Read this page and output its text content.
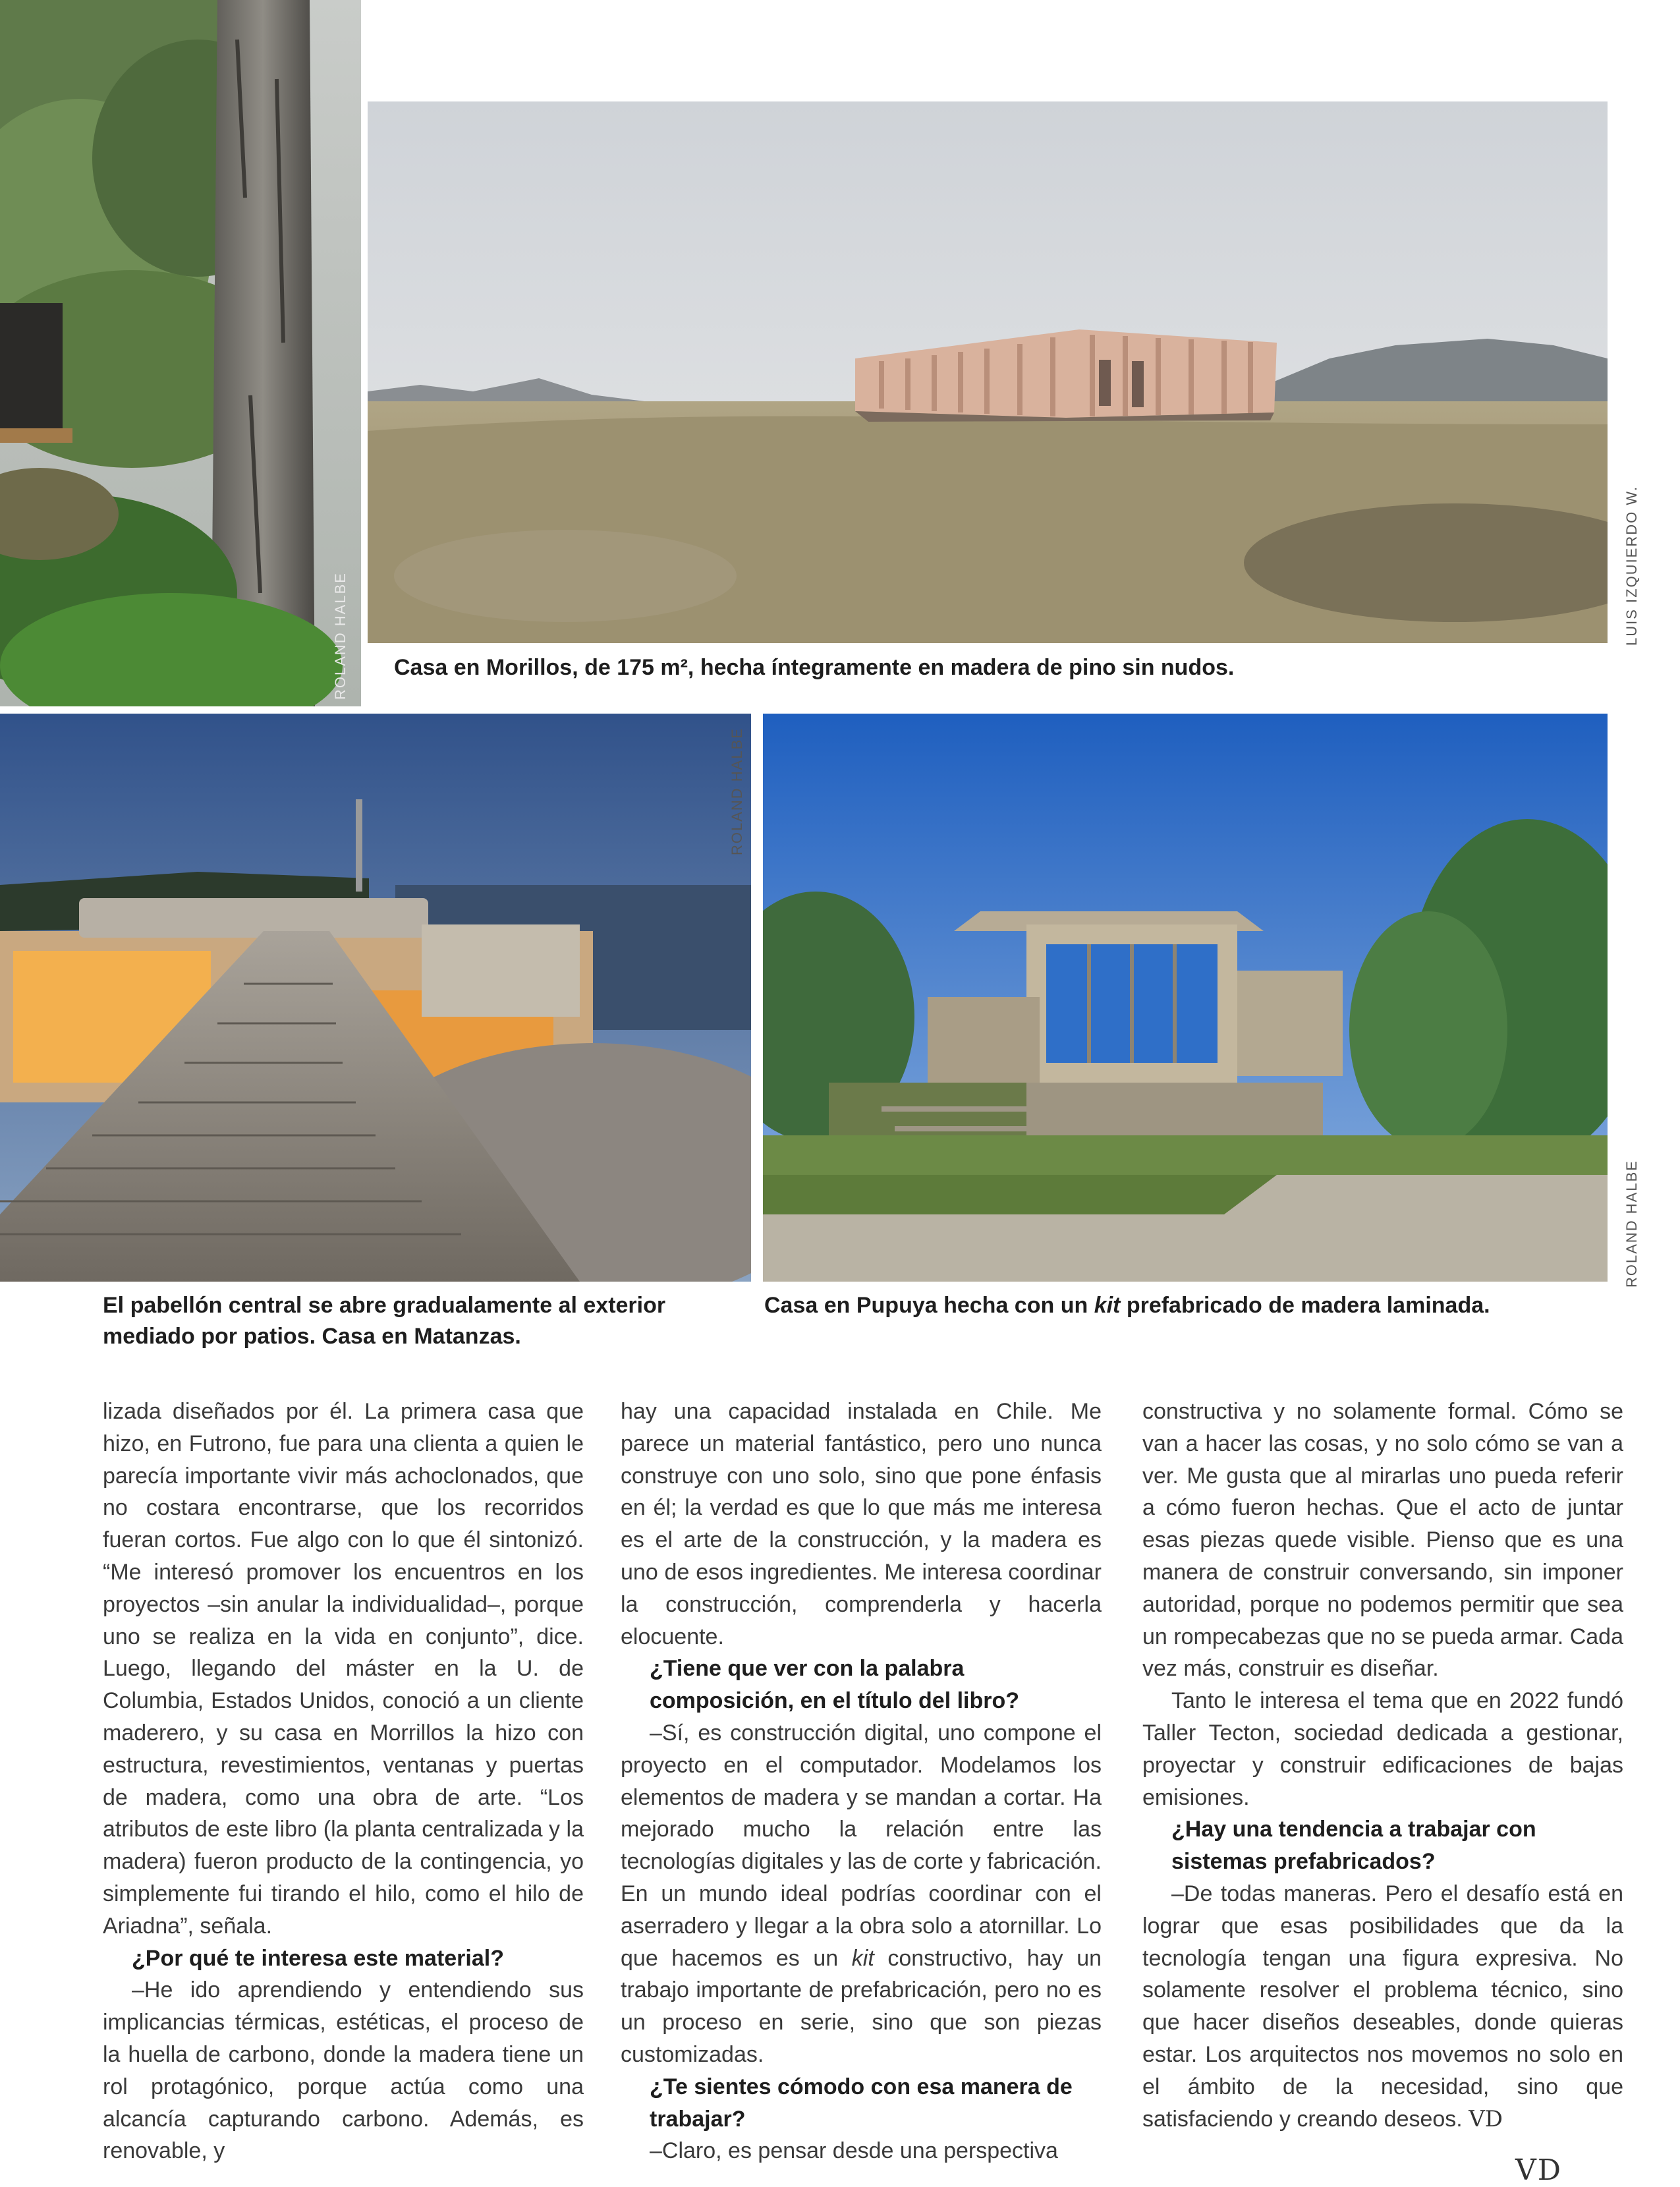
ROLAND HALBE	LUIS IZQUIERDO W.
Casa en Morillos, de 175 m², hecha íntegramente en madera de pino sin nudos.
ROLAND HALBE
ROLAND HALBE
El pabellón central se abre gradualamente al exterior mediado por patios. Casa en Matanzas.
Casa en Pupuya hecha con un kit prefabricado de madera laminada.

lizada diseñados por él. La primera casa que hizo, en Futrono, fue para una clienta a quien le parecía importante vivir más achoclonados, que no costara encontrarse, que los recorridos fueran cortos. Fue algo con lo que él sintonizó. “Me interesó promover los encuentros en los proyectos –sin anular la individualidad–, porque uno se realiza en la vida en conjunto”, dice. Luego, llegando del máster en la U. de Columbia, Estados Unidos, conoció a un cliente maderero, y su casa en Morrillos la hizo con estructura, revestimientos, ventanas y puertas de madera, como una obra de arte. “Los atributos de este libro (la planta centralizada y la madera) fueron producto de la contingencia, yo simplemente fui tirando el hilo, como el hilo de Ariadna”, señala.

¿Por qué te interesa este material?

–He ido aprendiendo y entendiendo sus implicancias térmicas, estéticas, el proceso de la huella de carbono, donde la madera tiene un rol protagónico, porque actúa como una alcancía capturando carbono. Además, es renovable, y

hay una capacidad instalada en Chile. Me parece un material fantástico, pero uno nunca construye con uno solo, sino que pone énfasis en él; la verdad es que lo que más me interesa es el arte de la construcción, y la madera es uno de esos ingredientes. Me interesa coordinar la construcción, comprenderla y hacerla elocuente.

¿Tiene que ver con la palabra composición, en el título del libro?

–Sí, es construcción digital, uno compone el proyecto en el computador. Modelamos los elementos de madera y se mandan a cortar. Ha mejorado mucho la relación entre las tecnologías digitales y las de corte y fabricación. En un mundo ideal podrías coordinar con el aserradero y llegar a la obra solo a atornillar. Lo que hacemos es un kit constructivo, hay un trabajo importante de prefabricación, pero no es un proceso en serie, sino que son piezas customizadas.

¿Te sientes cómodo con esa manera de trabajar?

–Claro, es pensar desde una perspectiva

constructiva y no solamente formal. Cómo se van a hacer las cosas, y no solo cómo se van a ver. Me gusta que al mirarlas uno pueda referir a cómo fueron hechas. Que el acto de juntar esas piezas quede visible. Pienso que es una manera de construir conversando, sin imponer autoridad, porque no podemos permitir que sea un rompecabezas que no se pueda armar. Cada vez más, construir es diseñar.

Tanto le interesa el tema que en 2022 fundó Taller Tecton, sociedad dedicada a gestionar, proyectar y construir edificaciones de bajas emisiones.

¿Hay una tendencia a trabajar con sistemas prefabricados?

–De todas maneras. Pero el desafío está en lograr que esas posibilidades que da la tecnología tengan una figura expresiva. No solamente resolver el problema técnico, sino que hacer diseños deseables, donde quieras estar. Los arquitectos nos movemos no solo en el ámbito de la necesidad, sino que satisfaciendo y creando deseos. VD

VD
